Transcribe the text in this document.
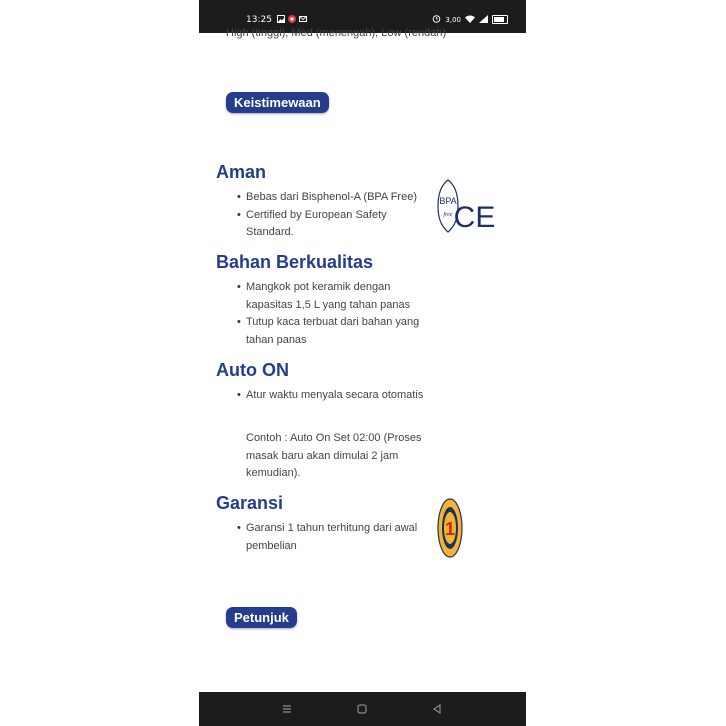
13:25	3,00
High (tinggi), Med (menengah), Low (rendah)
Keistimewaan
Aman
• Bebas dari Bisphenol-A (BPA Free)
• Certified by European Safety Standard.
BPA
free CE
Bahan Berkualitas
• Mangkok pot keramik dengan kapasitas 1,5 L yang tahan panas
• Tutup kaca terbuat dari bahan yang tahan panas
Auto ON
• Atur waktu menyala secara otomatis

Contoh : Auto On Set 02:00 (Proses masak baru akan dimulai 2 jam kemudian).

Garansi
• Garansi 1 tahun terhitung dari awal pembelian
1
Petunjuk
